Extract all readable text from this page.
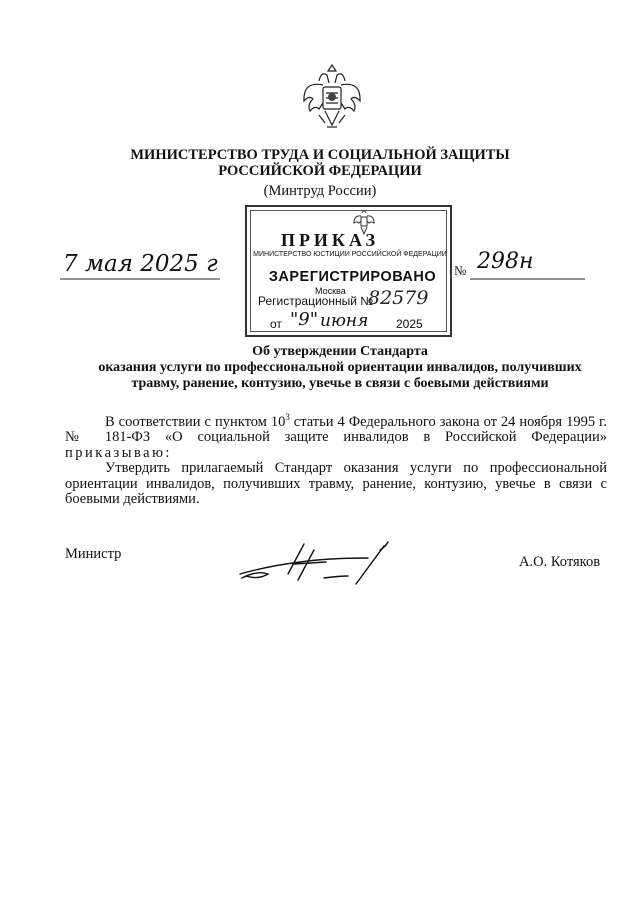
МИНИСТЕРСТВО ТРУДА И СОЦИАЛЬНОЙ ЗАЩИТЫ
РОССИЙСКОЙ ФЕДЕРАЦИИ
(Минтруд России)
ПРИКАЗ
МИНИСТЕРСТВО ЮСТИЦИИ РОССИЙСКОЙ ФЕДЕРАЦИИ
ЗАРЕГИСТРИРОВАНО
Москва
Регистрационный №
82579
от "9" июня 2025
7 мая 2025 г	№ 298н
Об утверждении Стандарта
оказания услуги по профессиональной ориентации инвалидов, получивших
травму, ранение, контузию, увечье в связи с боевыми действиями

В соответствии с пунктом $10^3$ статьи 4 Федерального закона от 24 ноября 1995 г. № 181-ФЗ «О социальной защите инвалидов в Российской Федерации» приказываю:

Утвердить прилагаемый Стандарт оказания услуги по профессиональной ориентации инвалидов, получивших травму, ранение, контузию, увечье в связи с боевыми действиями.

Министр	А.О. Котяков
